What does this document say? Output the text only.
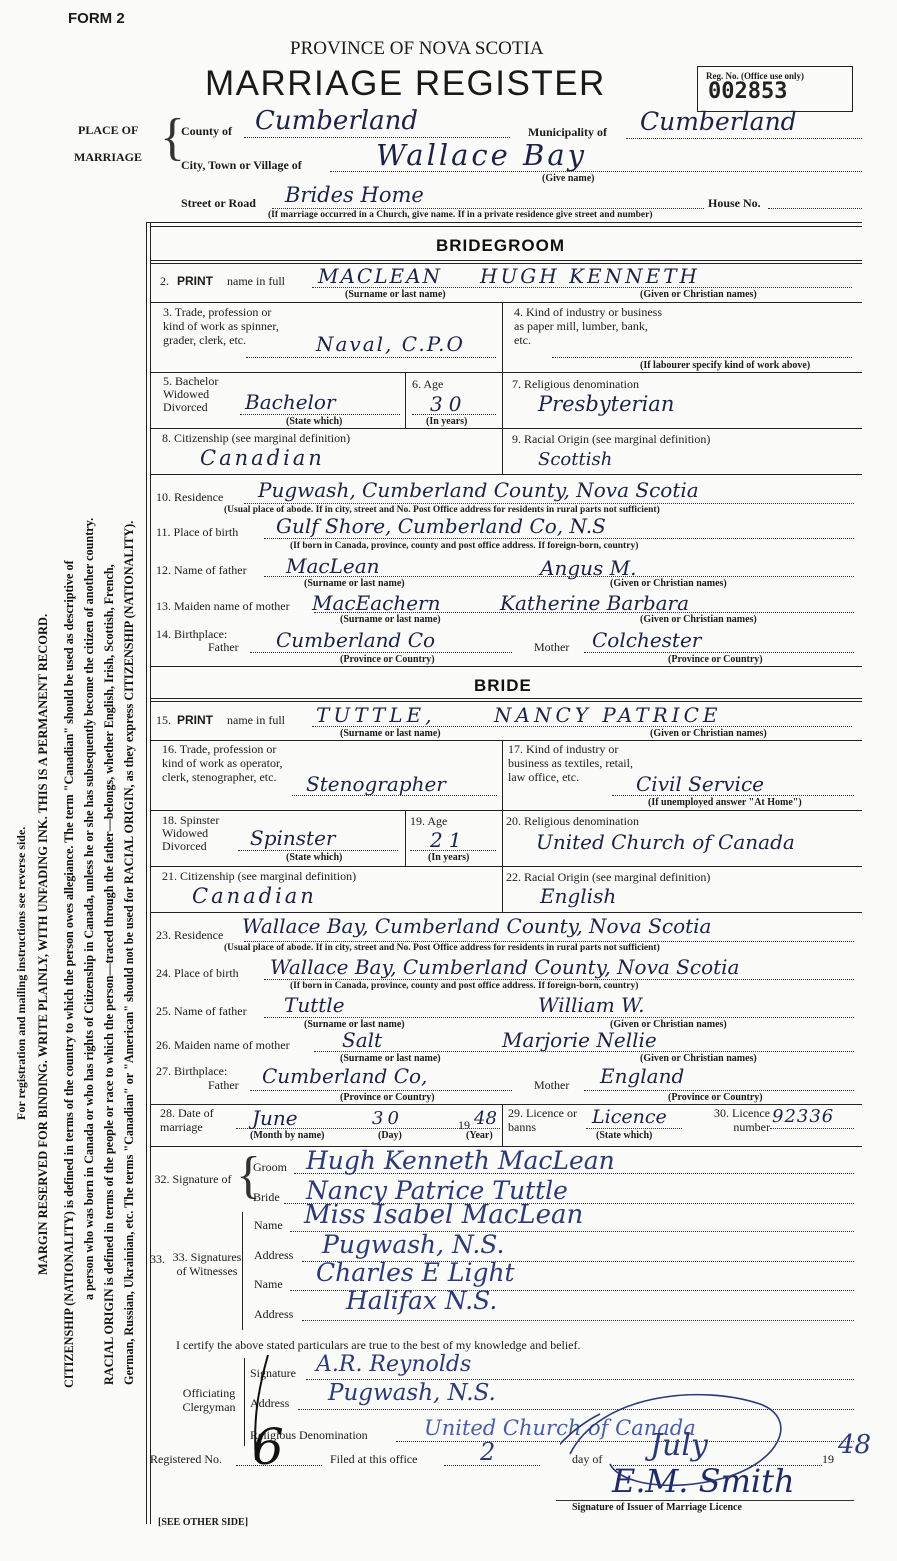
FORM 2
PROVINCE OF NOVA SCOTIA
MARRIAGE REGISTER	Reg. No. (Office use only)
002853
PLACE OF
MARRIAGE {
County of Cumberland	Municipality of Cumberland
City, Town or Village of	Wallace Bay
(Give name)
Street or Road Brides Home	House No.
(If marriage occurred in a Church, give name. If in a private residence give street and number)
For registration and mailing instructions see reverse side. MARGIN RESERVED FOR BINDING. WRITE PLAINLY, WITH UNFADING INK. THIS IS A PERMANENT RECORD. CITIZENSHIP (NATIONALITY) is defined in terms of the country to which the person owes allegiance. The term "Canadian" should be used as descriptive of a person who was born in Canada or who has rights of Citizenship in Canada, unless he or she has subsequently become the citizen of another country. RACIAL ORIGIN is defined in terms of the people or race to which the person—traced through the father—belongs, whether English, Irish, Scottish, French, German, Russian, Ukrainian, etc. The terms "Canadian" or "American" should not be used for RACIAL ORIGIN, as they express CITIZENSHIP (NATIONALITY).
BRIDEGROOM
2. PRINT name in full MACLEAN HUGH KENNETH
(Surname or last name)	(Given or Christian names)
3. Trade, profession or kind of work as spinner, grader, clerk, etc.	Naval, C.P.O
4. Kind of industry or business as paper mill, lumber, bank, etc.
(If labourer specify kind of work above)
5. Bachelor Widowed Divorced	Bachelor
(State which)
6. Age
30
(In years)
7. Religious denomination
Presbyterian
8. Citizenship (see marginal definition)
Canadian
9. Racial Origin (see marginal definition)
Scottish
10. Residence Pugwash, Cumberland County, Nova Scotia
(Usual place of abode. If in city, street and No. Post Office address for residents in rural parts not sufficient)
11. Place of birth Gulf Shore, Cumberland Co, N.S
(If born in Canada, province, county and post office address. If foreign-born, country)
12. Name of father MacLean	Angus M.
(Surname or last name)	(Given or Christian names)
13. Maiden name of mother MacEachern	Katherine Barbara
(Surname or last name)	(Given or Christian names)
14. Birthplace:
Father Cumberland Co
(Province or Country)
Mother Colchester
(Province or Country)
BRIDE
15. PRINT name in full TUTTLE,	NANCY PATRICE
(Surname or last name)	(Given or Christian names)
16. Trade, profession or kind of work as operator, clerk, stenographer, etc.	Stenographer
17. Kind of industry or business as textiles, retail, law office, etc.	Civil Service
(If unemployed answer "At Home")
18. Spinster Widowed Divorced	Spinster
(State which)
19. Age
21
(In years)
20. Religious denomination
United Church of Canada
21. Citizenship (see marginal definition)
Canadian
22. Racial Origin (see marginal definition)
English
23. Residence Wallace Bay, Cumberland County, Nova Scotia
(Usual place of abode. If in city, street and No. Post Office address for residents in rural parts not sufficient)
24. Place of birth Wallace Bay, Cumberland County, Nova Scotia
(If born in Canada, province, county and post office address. If foreign-born, country)
25. Name of father Tuttle	William W.
(Surname or last name)	(Given or Christian names)
26. Maiden name of mother	Salt	Marjorie Nellie
(Surname or last name)	(Given or Christian names)
27. Birthplace:
Father Cumberland Co,
(Province or Country)
Mother England
(Province or Country)
28. Date of marriage	June
(Month by name)
30
(Day)
19 48
(Year)
29. Licence or banns	Licence
(State which)
30. Licence number 92336
32. Signature of {
Groom Hugh Kenneth MacLean
Bride Nancy Patrice Tuttle
33. 33. Signatures of Witnesses
Name Miss Isabel MacLean
Address Pugwash, N.S.
Name Charles E Light
Address Halifax N.S.
I certify the above stated particulars are true to the best of my knowledge and belief.
Officiating Clergyman
Signature A.R. Reynolds
Address Pugwash, N.S.
Religious Denomination	United Church of Canada
Registered No. 6	Filed at this office	2	day of July	19 48
E.M. Smith
Signature of Issuer of Marriage Licence
[SEE OTHER SIDE]
